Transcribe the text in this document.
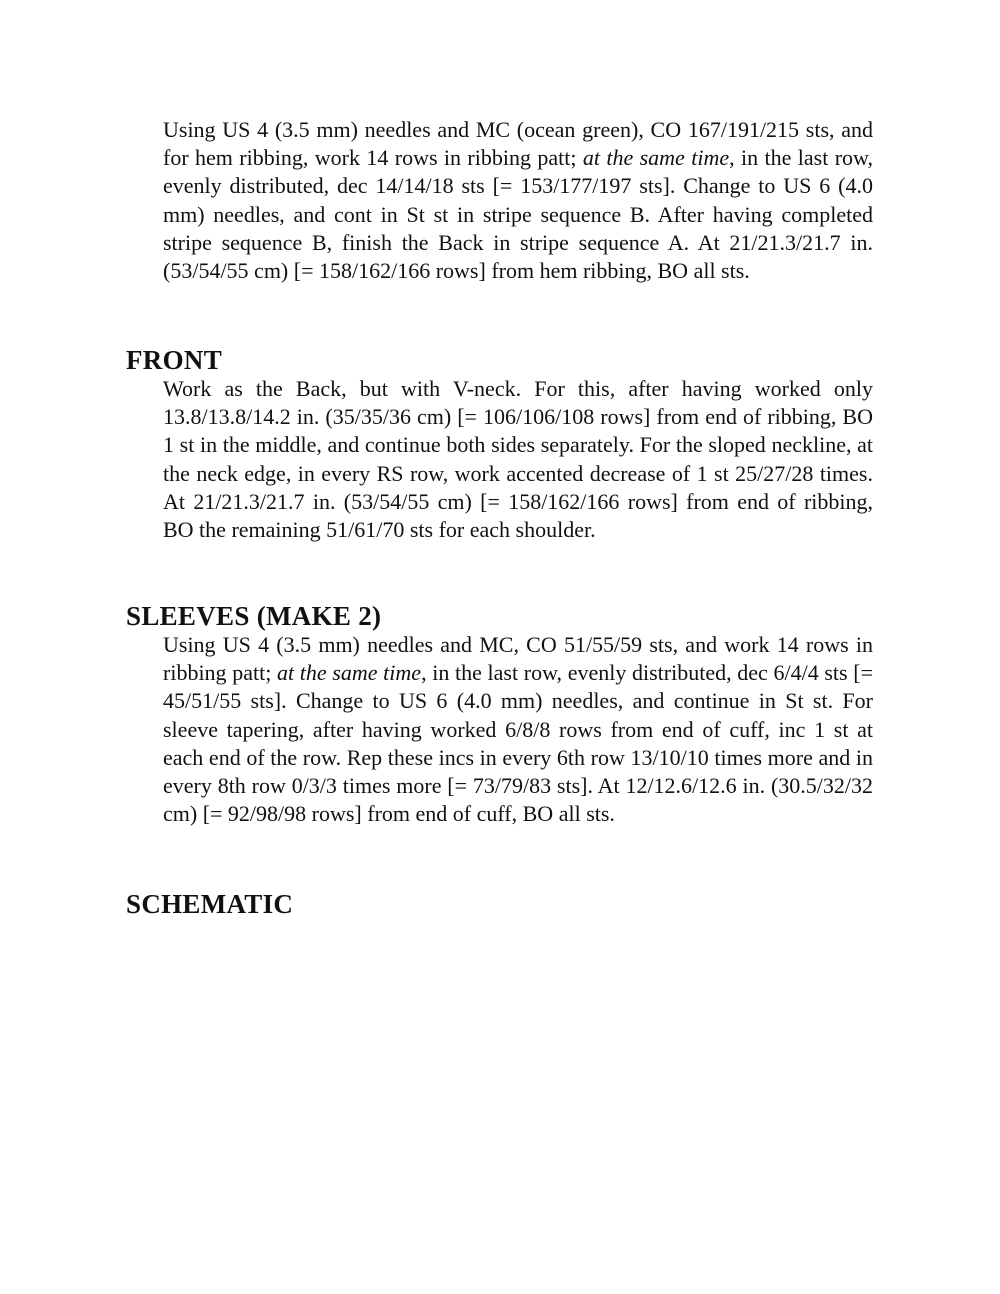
Using US 4 (3.5 mm) needles and MC (ocean green), CO 167/191/215 sts, and for hem ribbing, work 14 rows in ribbing patt; at the same time, in the last row, evenly distributed, dec 14/14/18 sts [= 153/177/197 sts]. Change to US 6 (4.0 mm) needles, and cont in St st in stripe sequence B. After having completed stripe sequence B, finish the Back in stripe sequence A. At 21/21.3/21.7 in. (53/54/55 cm) [= 158/162/166 rows] from hem ribbing, BO all sts.

FRONT

Work as the Back, but with V-neck. For this, after having worked only 13.8/13.8/14.2 in. (35/35/36 cm) [= 106/106/108 rows] from end of ribbing, BO 1 st in the middle, and continue both sides separately. For the sloped neckline, at the neck edge, in every RS row, work accented decrease of 1 st 25/27/28 times. At 21/21.3/21.7 in. (53/54/55 cm) [= 158/162/166 rows] from end of ribbing, BO the remaining 51/61/70 sts for each shoulder.

SLEEVES (MAKE 2)

Using US 4 (3.5 mm) needles and MC, CO 51/55/59 sts, and work 14 rows in ribbing patt; at the same time, in the last row, evenly distributed, dec 6/4/4 sts [= 45/51/55 sts]. Change to US 6 (4.0 mm) needles, and continue in St st. For sleeve tapering, after having worked 6/8/8 rows from end of cuff, inc 1 st at each end of the row. Rep these incs in every 6th row 13/10/10 times more and in every 8th row 0/3/3 times more [= 73/79/83 sts]. At 12/12.6/12.6 in. (30.5/32/32 cm) [= 92/98/98 rows] from end of cuff, BO all sts.

SCHEMATIC
